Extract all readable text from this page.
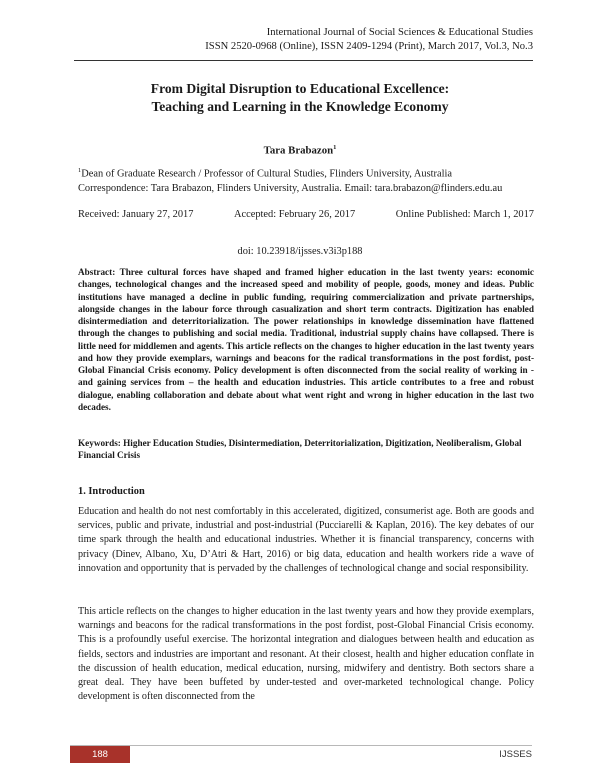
International Journal of Social Sciences & Educational Studies
ISSN 2520-0968 (Online), ISSN 2409-1294 (Print), March 2017, Vol.3, No.3
From Digital Disruption to Educational Excellence:
Teaching and Learning in the Knowledge Economy
Tara Brabazon$^1$
$^1$Dean of Graduate Research / Professor of Cultural Studies, Flinders University, Australia
Correspondence: Tara Brabazon, Flinders University, Australia. Email: tara.brabazon@flinders.edu.au
Received: January 27, 2017	Accepted: February 26, 2017	Online Published: March 1, 2017
doi: 10.23918/ijsses.v3i3p188
Abstract: Three cultural forces have shaped and framed higher education in the last twenty years: economic changes, technological changes and the increased speed and mobility of people, goods, money and ideas. Public institutions have managed a decline in public funding, requiring commercialization and private partnerships, alongside changes in the labour force through casualization and short term contracts. Digitization has enabled disintermediation and deterritorialization. The power relationships in knowledge dissemination have flattened through the changes to publishing and social media. Traditional, industrial supply chains have collapsed. There is little need for middlemen and agents. This article reflects on the changes to higher education in the last twenty years and how they provide exemplars, warnings and beacons for the radical transformations in the post fordist, post-Global Financial Crisis economy. Policy development is often disconnected from the social reality of working in - and gaining services from – the health and education industries. This article contributes to a free and robust dialogue, enabling collaboration and debate about what went right and wrong in higher education in the last two decades.
Keywords: Higher Education Studies, Disintermediation, Deterritorialization, Digitization, Neoliberalism, Global Financial Crisis
1. Introduction
Education and health do not nest comfortably in this accelerated, digitized, consumerist age. Both are goods and services, public and private, industrial and post-industrial (Pucciarelli & Kaplan, 2016). The key debates of our time spark through the health and educational industries. Whether it is financial transparency, concerns with privacy (Dinev, Albano, Xu, D’Atri & Hart, 2016) or big data, education and health workers ride a wave of innovation and opportunity that is pervaded by the challenges of technological change and social responsibility.
This article reflects on the changes to higher education in the last twenty years and how they provide exemplars, warnings and beacons for the radical transformations in the post fordist, post-Global Financial Crisis economy. This is a profoundly useful exercise. The horizontal integration and dialogues between health and education as fields, sectors and industries are important and resonant. At their closest, health and higher education conflate in the discussion of health education, medical education, nursing, midwifery and dentistry. Both sectors share a great deal. They have been buffeted by under-tested and over-marketed technological change. Policy development is often disconnected from the
188	IJSSES
